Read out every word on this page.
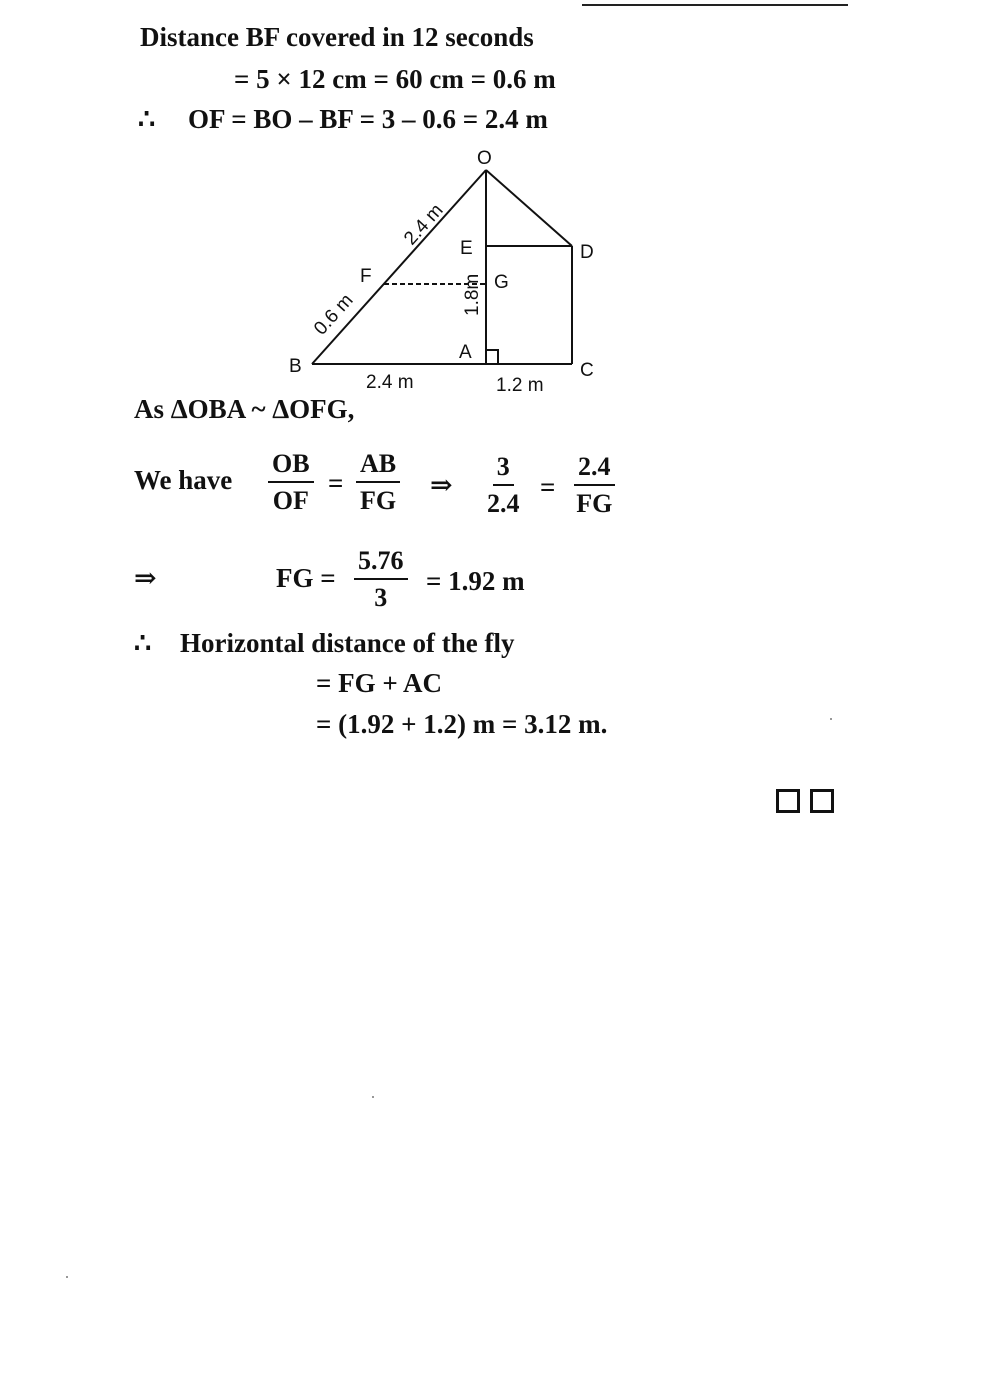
Distance BF covered in 12 seconds
= 5 × 12 cm = 60 cm = 0.6 m
∴ OF = BO – BF = 3 – 0.6 = 2.4 m
O
E	D
F	G
A
B	C
2.4 m
0.6 m	1.8m
2.4 m	1.2 m
As ΔOBA ~ ΔOFG,
We have $\frac{OB}{OF} = \frac{AB}{FG}$ ⇒ $\frac{3}{2.4} = \frac{2.4}{FG}$
⇒	FG = $\frac{5.76}{3} = 1.92$ m
∴ Horizontal distance of the fly
= FG + AC
= (1.92 + 1.2) m = 3.12 m.
